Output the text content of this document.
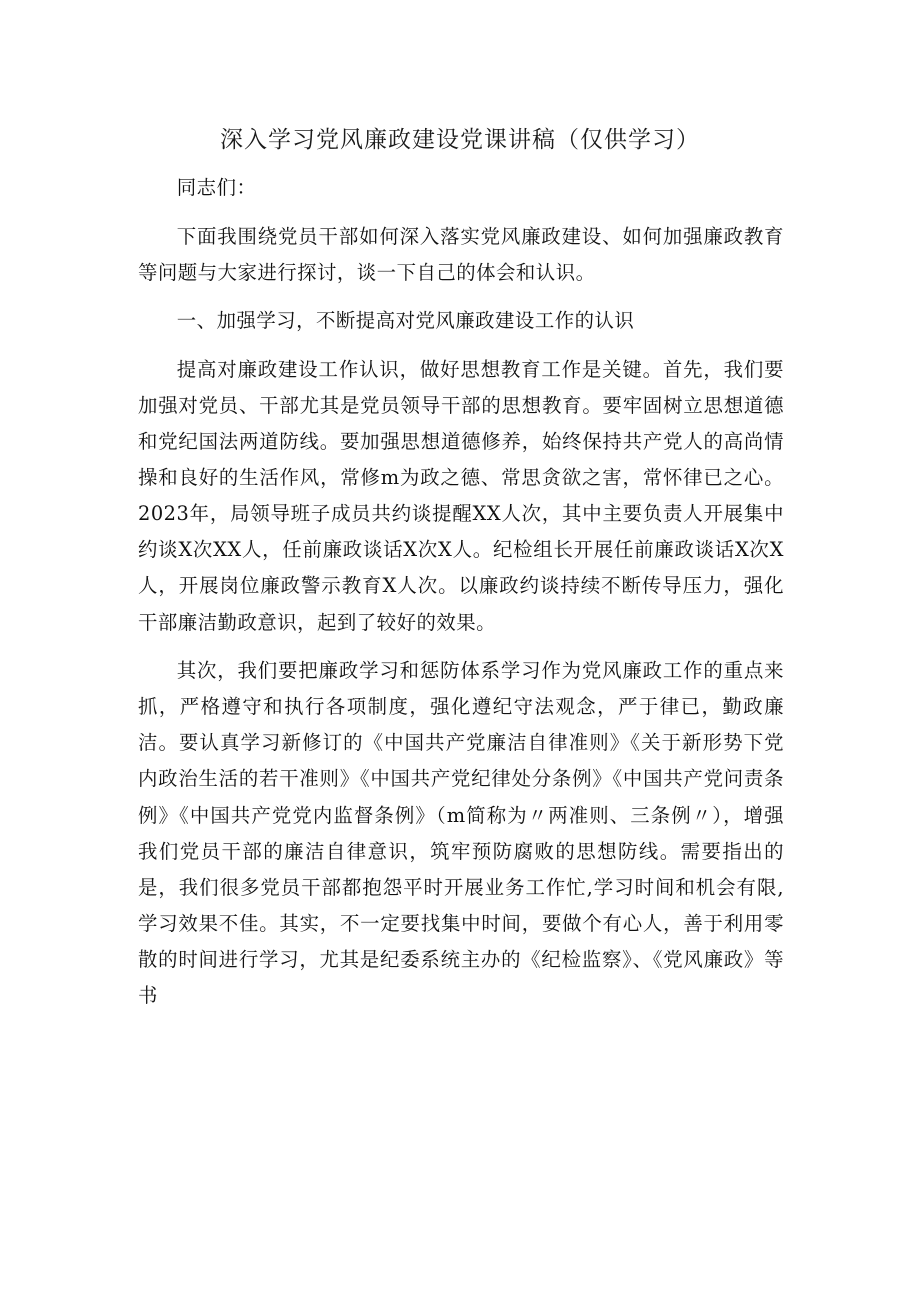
深入学习党风廉政建设党课讲稿（仅供学习）

同志们：

下面我围绕党员干部如何深入落实党风廉政建设、如何加强廉政教育等问题与大家进行探讨，谈一下自己的体会和认识。

一、加强学习，不断提高对党风廉政建设工作的认识

提高对廉政建设工作认识，做好思想教育工作是关键。首先，我们要加强对党员、干部尤其是党员领导干部的思想教育。要牢固树立思想道德和党纪国法两道防线。要加强思想道德修养，始终保持共产党人的高尚情操和良好的生活作风，常修m为政之德、常思贪欲之害，常怀律已之心。2023年，局领导班子成员共约谈提醒XX人次，其中主要负责人开展集中约谈X次XX人，任前廉政谈话X次X人。纪检组长开展任前廉政谈话X次X人，开展岗位廉政警示教育X人次。以廉政约谈持续不断传导压力，强化干部廉洁勤政意识，起到了较好的效果。

其次，我们要把廉政学习和惩防体系学习作为党风廉政工作的重点来抓，严格遵守和执行各项制度，强化遵纪守法观念，严于律已，勤政廉洁。要认真学习新修订的《中国共产党廉洁自律准则》《关于新形势下党内政治生活的若干准则》《中国共产党纪律处分条例》《中国共产党问责条例》《中国共产党党内监督条例》（m简称为〃两准则、三条例〃），增强我们党员干部的廉洁自律意识，筑牢预防腐败的思想防线。需要指出的是，我们很多党员干部都抱怨平时开展业务工作忙,学习时间和机会有限,学习效果不佳。其实，不一定要找集中时间，要做个有心人，善于利用零散的时间进行学习，尤其是纪委系统主办的《纪检监察》、《党风廉政》等书
